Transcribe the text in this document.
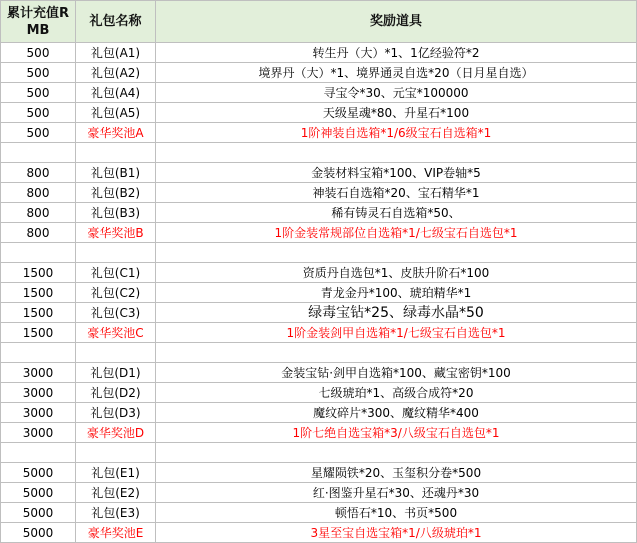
累计充值RMB	礼包名称	奖励道具
500	礼包(A1)	转生丹（大）*1、1亿经验符*2
500	礼包(A2)	境界丹（大）*1、境界通灵自选*20（日月星自选）
500	礼包(A4)	寻宝令*30、元宝*100000
500	礼包(A5)	天级星魂*80、升星石*100
500	豪华奖池A	1阶神装自选箱*1/6级宝石自选箱*1

800	礼包(B1)	金装材料宝箱*100、VIP卷轴*5
800	礼包(B2)	神装石自选箱*20、宝石精华*1
800	礼包(B3)	稀有铸灵石自选箱*50、
800	豪华奖池B	1阶金装常规部位自选箱*1/七级宝石自选包*1

1500	礼包(C1)	资质丹自选包*1、皮肤升阶石*100
1500	礼包(C2)	青龙金丹*100、琥珀精华*1
1500	礼包(C3)	绿毒宝钻*25、绿毒水晶*50
1500	豪华奖池C	1阶金装剑甲自选箱*1/七级宝石自选包*1

3000	礼包(D1)	金装宝钻·剑甲自选箱*100、藏宝密钥*100
3000	礼包(D2)	七级琥珀*1、高级合成符*20
3000	礼包(D3)	魔纹碎片*300、魔纹精华*400
3000	豪华奖池D	1阶七绝自选宝箱*3/八级宝石自选包*1

5000	礼包(E1)	星耀陨铁*20、玉玺积分卷*500
5000	礼包(E2)	红·图鉴升星石*30、还魂丹*30
5000	礼包(E3)	顿悟石*10、书页*500
5000	豪华奖池E	3星至宝自选宝箱*1/八级琥珀*1
